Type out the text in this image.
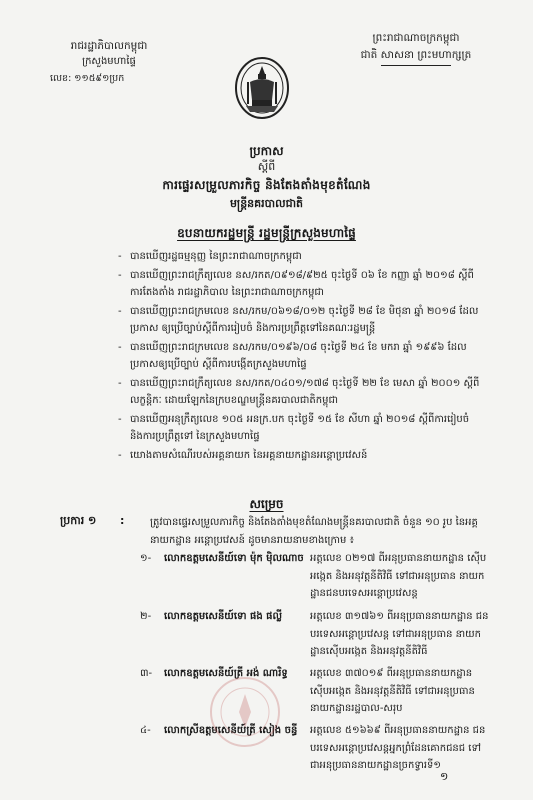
រាជរដ្ឋាភិបាលកម្ពុជា
ក្រសួងមហាផ្ទៃ
លេខ: ១១៥៩១ប្រក
ព្រះរាជាណាចក្រកម្ពុជា
ជាតិ សាសនា ព្រះមហាក្សត្រ
ប្រកាស
ស្តីពី
ការផ្ទេរសម្រួលភារកិច្ច និងតែងតាំងមុខតំណែង
មន្ត្រីនគរបាលជាតិ
ឧបនាយករដ្ឋមន្ត្រី រដ្ឋមន្ត្រីក្រសួងមហាផ្ទៃ
- បានឃើញរដ្ឋធម្មនុញ្ញ នៃព្រះរាជាណាចក្រកម្ពុជា
- បានឃើញព្រះរាជក្រឹត្យលេខ នស/រកត/០៩១៨/៩២៥ ចុះថ្ងៃទី ០៦ ខែ កញ្ញា ឆ្នាំ ២០១៨ ស្តីពីការតែងតាំង រាជរដ្ឋាភិបាល នៃព្រះរាជាណាចក្រកម្ពុជា
- បានឃើញព្រះរាជក្រមលេខ នស/រកម/០៦១៨/០១២ ចុះថ្ងៃទី ២៨ ខែ មិថុនា ឆ្នាំ ២០១៨ ដែលប្រកាស ឲ្យប្រើច្បាប់ស្តីពីការរៀបចំ និងការប្រព្រឹត្តទៅនៃគណៈរដ្ឋមន្ត្រី
- បានឃើញព្រះរាជក្រមលេខ នស/រកម/០១៩៦/០៨ ចុះថ្ងៃទី ២៤ ខែ មករា ឆ្នាំ ១៩៩៦ ដែលប្រកាសឲ្យប្រើច្បាប់ ស្តីពីការបង្កើតក្រសួងមហាផ្ទៃ
- បានឃើញព្រះរាជក្រឹត្យលេខ នស/រកត/០៤០១/១៧៨ ចុះថ្ងៃទី ២២ ខែ មេសា ឆ្នាំ ២០០១ ស្តីពីលក្ខន្តិកៈ ដោយឡែកនៃក្របខណ្ឌមន្ត្រីនគរបាលជាតិកម្ពុជា
- បានឃើញអនុក្រឹត្យលេខ ១០៥ អនក្រ.បក ចុះថ្ងៃទី ១៥ ខែ សីហា ឆ្នាំ ២០១៨ ស្តីពីការរៀបចំ និងការប្រព្រឹត្តទៅ នៃក្រសួងមហាផ្ទៃ
- យោងតាមសំណើរបស់អគ្គនាយក នៃអគ្គនាយកដ្ឋានអន្តោប្រវេសន៍
សម្រេច
ប្រការ ១ :	ត្រូវបានផ្ទេរសម្រួលភារកិច្ច និងតែងតាំងមុខតំណែងមន្ត្រីនគរបាលជាតិ ចំនួន ១០ រូប នៃអគ្គនាយកដ្ឋាន អន្តោប្រវេសន៍ ដូចមានរាយនាមខាងក្រោម ៖
១-	លោកឧត្តមសេនីយ៍ទោ ម៉ុក ម៉ិលណាច អត្តលេខ ០២១៧ ពីអនុប្រធាននាយកដ្ឋាន ស៊ើបអង្កេត និងអនុវត្តនីតិវិធី ទៅជាអនុប្រធាន នាយកដ្ឋានជនបរទេសអន្តោប្រវេសន្ត
២-	លោកឧត្តមសេនីយ៍ទោ ផង ផល្លី	អត្តលេខ ៣១៧៦១ ពីអនុប្រធាននាយកដ្ឋាន ជនបរទេសអន្តោប្រវេសន្ត ទៅជាអនុប្រធាន នាយកដ្ឋានស៊ើបអង្កេត និងអនុវត្តនីតិវិធី
៣-	លោកឧត្តមសេនីយ៍ត្រី អង់ ណារិទ្ធ	អត្តលេខ ៣៧០១៩ ពីអនុប្រធាននាយកដ្ឋាន ស៊ើបអង្កេត និងអនុវត្តនីតិវិធី ទៅជាអនុប្រធាន នាយកដ្ឋានរដ្ឋបាល-សរុប
៤-	លោកស្រីឧត្តមសេនីយ៍ត្រី សៀង ចន្ធី	អត្តលេខ ៥១៦៦៩ ពីអនុប្រធាននាយកដ្ឋាន ជនបរទេសអន្តោប្រវេសន្តអ្នកព្រំដែនគោកជនជ ទៅជាអនុប្រធាននាយកដ្ឋានច្រកទ្វារទី១
១
